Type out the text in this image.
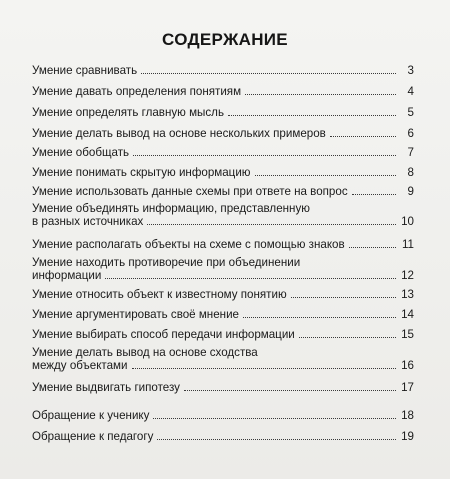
СОДЕРЖАНИЕ
Умение сравнивать	3
Умение давать определения понятиям	4
Умение определять главную мысль	5
Умение делать вывод на основе нескольких примеров	6
Умение обобщать	7
Умение понимать скрытую информацию	8
Умение использовать данные схемы при ответе на вопрос	9
Умение объединять информацию, представленную
в разных источниках	10
Умение располагать объекты на схеме с помощью знаков	11
Умение находить противоречие при объединении
информации	12
Умение относить объект к известному понятию	13
Умение аргументировать своё мнение	14
Умение выбирать способ передачи информации	15
Умение делать вывод на основе сходства
между объектами	16
Умение выдвигать гипотезу	17
Обращение к ученику	18
Обращение к педагогу	19
